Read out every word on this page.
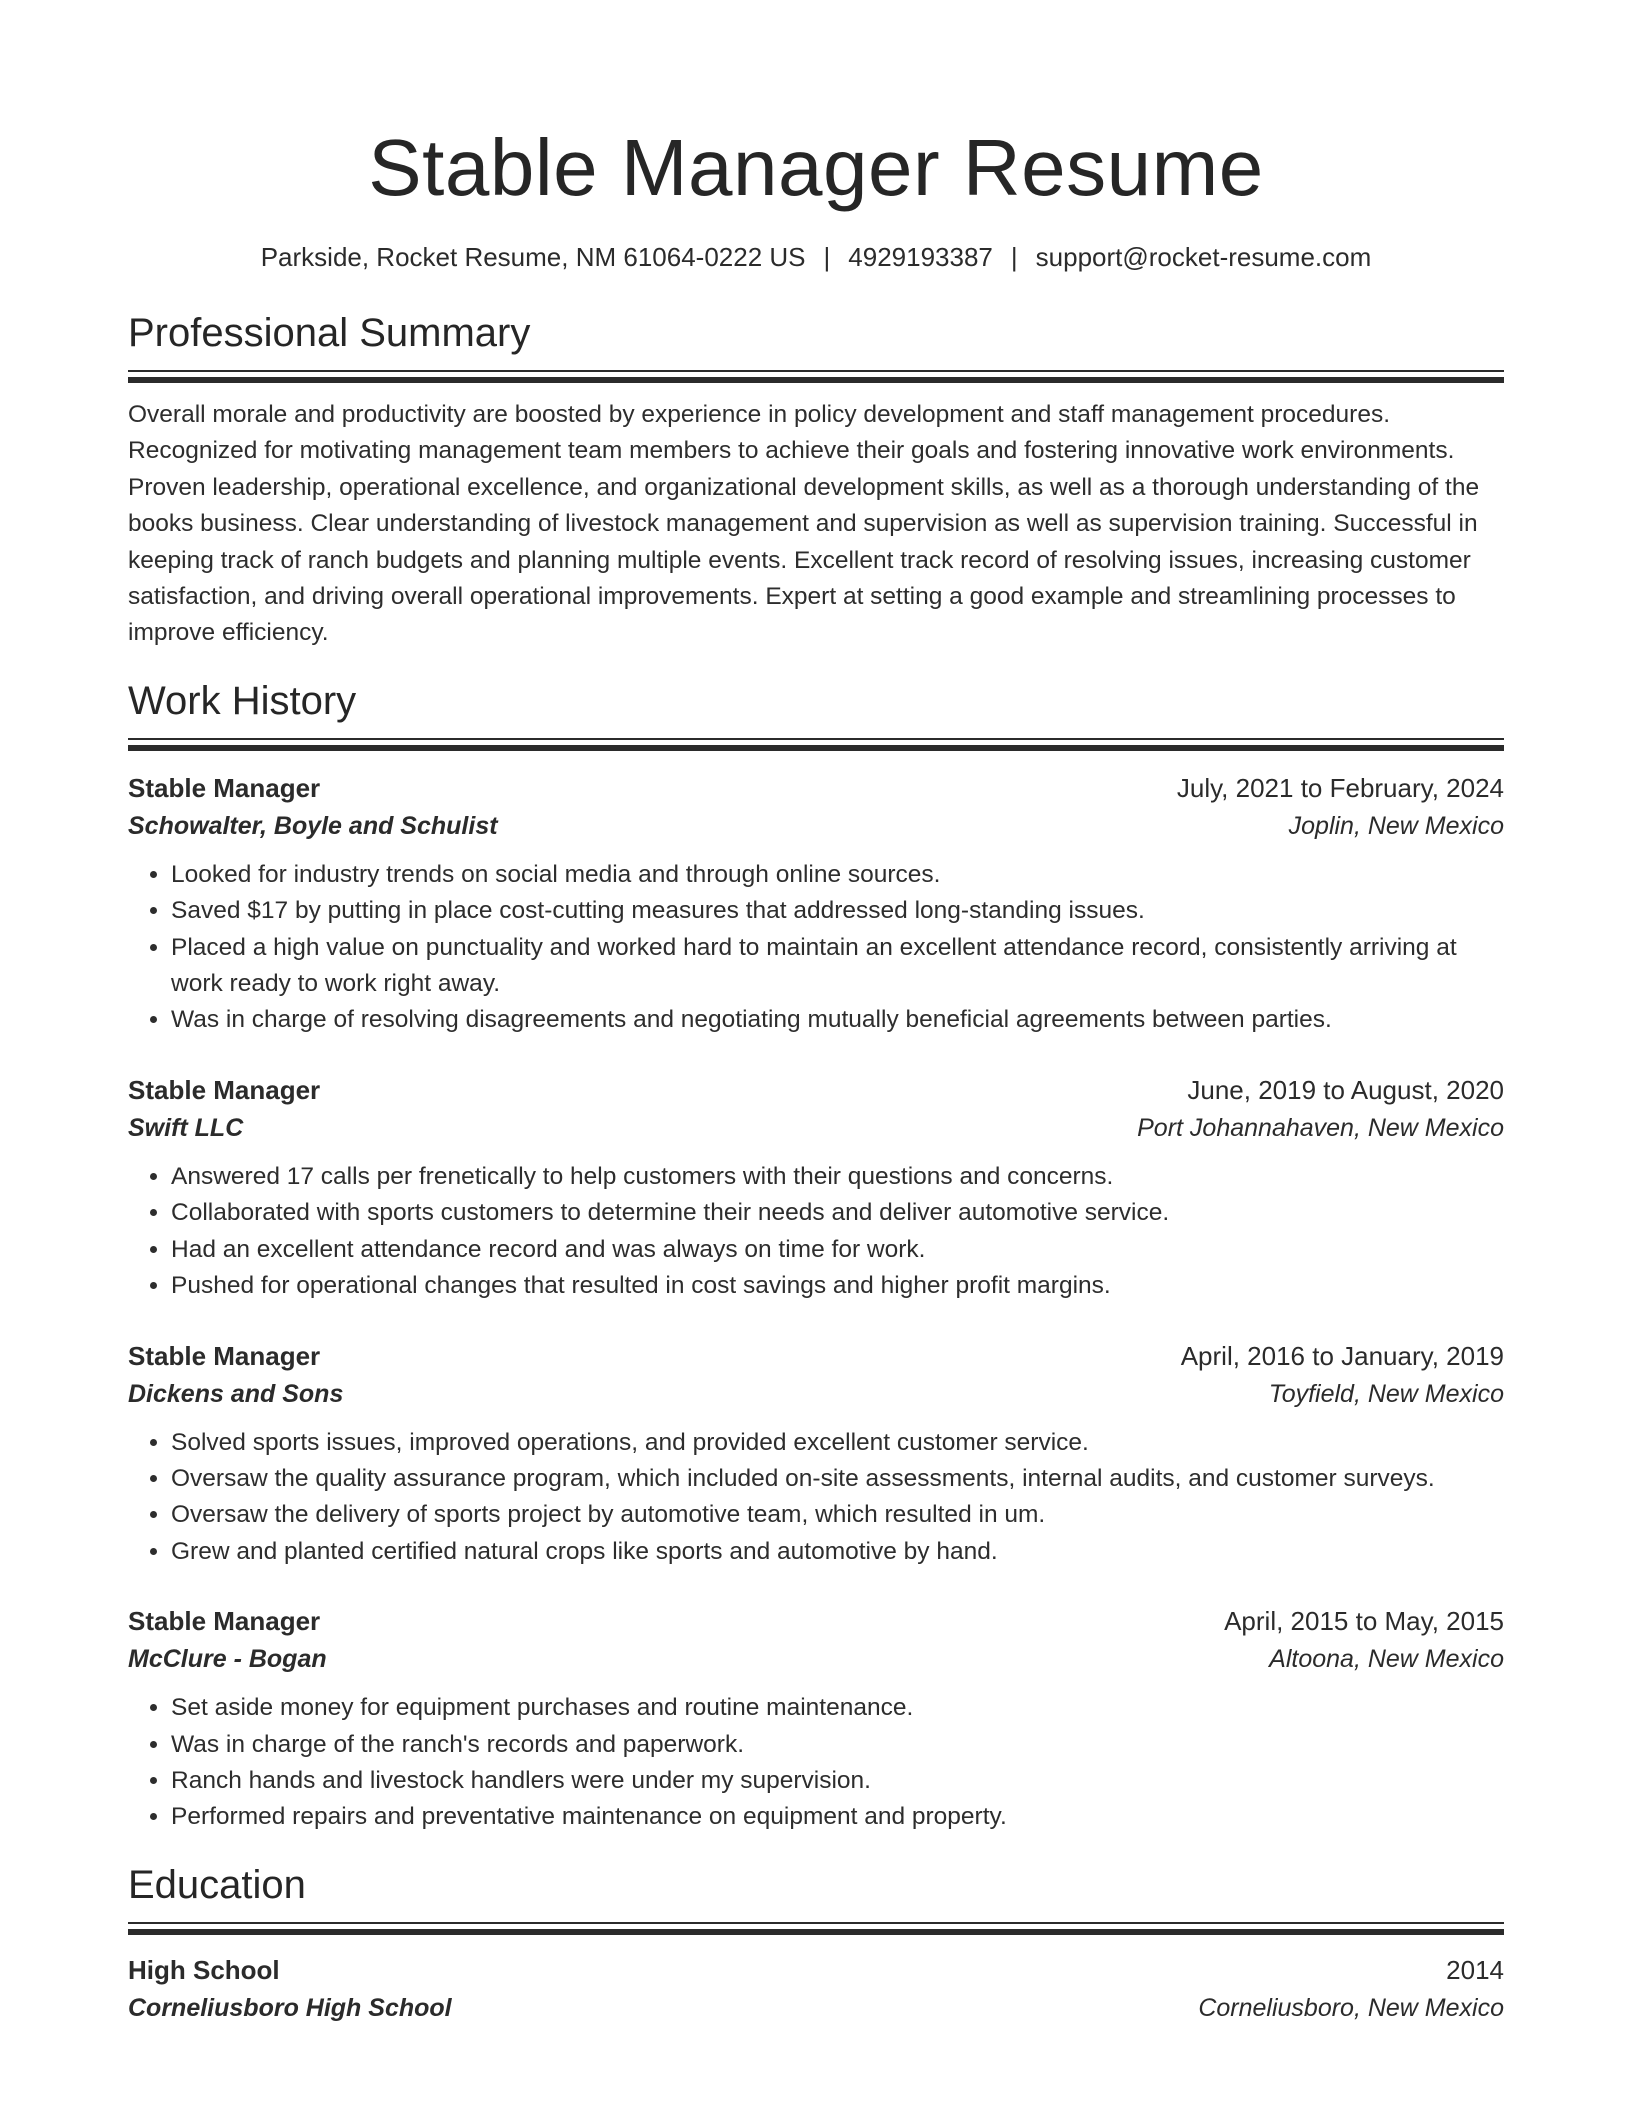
Stable Manager Resume
Parkside, Rocket Resume, NM 61064-0222 US | 4929193387 | support@rocket-resume.com
Professional Summary

Overall morale and productivity are boosted by experience in policy development and staff management procedures. Recognized for motivating management team members to achieve their goals and fostering innovative work environments. Proven leadership, operational excellence, and organizational development skills, as well as a thorough understanding of the books business. Clear understanding of livestock management and supervision as well as supervision training. Successful in keeping track of ranch budgets and planning multiple events. Excellent track record of resolving issues, increasing customer satisfaction, and driving overall operational improvements. Expert at setting a good example and streamlining processes to improve efficiency.

Work History
Stable Manager	July, 2021 to February, 2024
Schowalter, Boyle and Schulist	Joplin, New Mexico
• Looked for industry trends on social media and through online sources.
• Saved $17 by putting in place cost-cutting measures that addressed long-standing issues.
• Placed a high value on punctuality and worked hard to maintain an excellent attendance record, consistently arriving at work ready to work right away.
• Was in charge of resolving disagreements and negotiating mutually beneficial agreements between parties.
Stable Manager	June, 2019 to August, 2020
Swift LLC	Port Johannahaven, New Mexico
• Answered 17 calls per frenetically to help customers with their questions and concerns.
• Collaborated with sports customers to determine their needs and deliver automotive service.
• Had an excellent attendance record and was always on time for work.
• Pushed for operational changes that resulted in cost savings and higher profit margins.
Stable Manager	April, 2016 to January, 2019
Dickens and Sons	Toyfield, New Mexico
• Solved sports issues, improved operations, and provided excellent customer service.
• Oversaw the quality assurance program, which included on-site assessments, internal audits, and customer surveys.
• Oversaw the delivery of sports project by automotive team, which resulted in um.
• Grew and planted certified natural crops like sports and automotive by hand.
Stable Manager	April, 2015 to May, 2015
McClure - Bogan	Altoona, New Mexico
• Set aside money for equipment purchases and routine maintenance.
• Was in charge of the ranch's records and paperwork.
• Ranch hands and livestock handlers were under my supervision.
• Performed repairs and preventative maintenance on equipment and property.
Education
High School	2014
Corneliusboro High School	Corneliusboro, New Mexico
